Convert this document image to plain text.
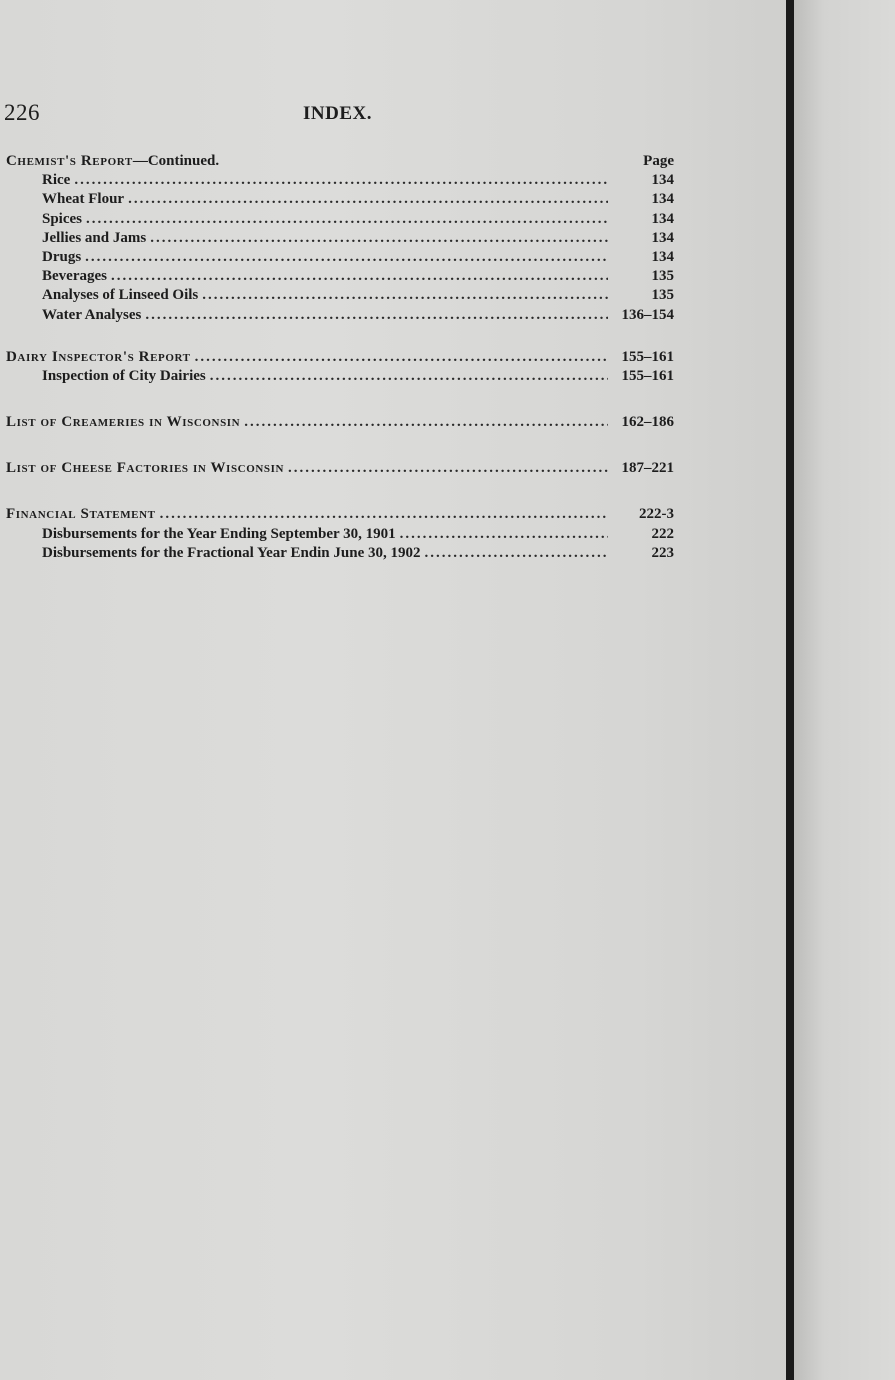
226	INDEX.
Chemist's Report—Continued.	Page
Rice .....	134
Wheat Flour .....	134
Spices .....	134
Jellies and Jams .....	134
Drugs .....	134
Beverages .....	135
Analyses of Linseed Oils .....	135
Water Analyses .....	136–154
Dairy Inspector's Report .....	155–161
Inspection of City Dairies .....	155–161
List of Creameries in Wisconsin .....	162–186
List of Cheese Factories in Wisconsin .....	187–221
Financial Statement .....	222-3
Disbursements for the Year Ending September 30, 1901 .....	222
Disbursements for the Fractional Year Endin June 30, 1902 .....	223
